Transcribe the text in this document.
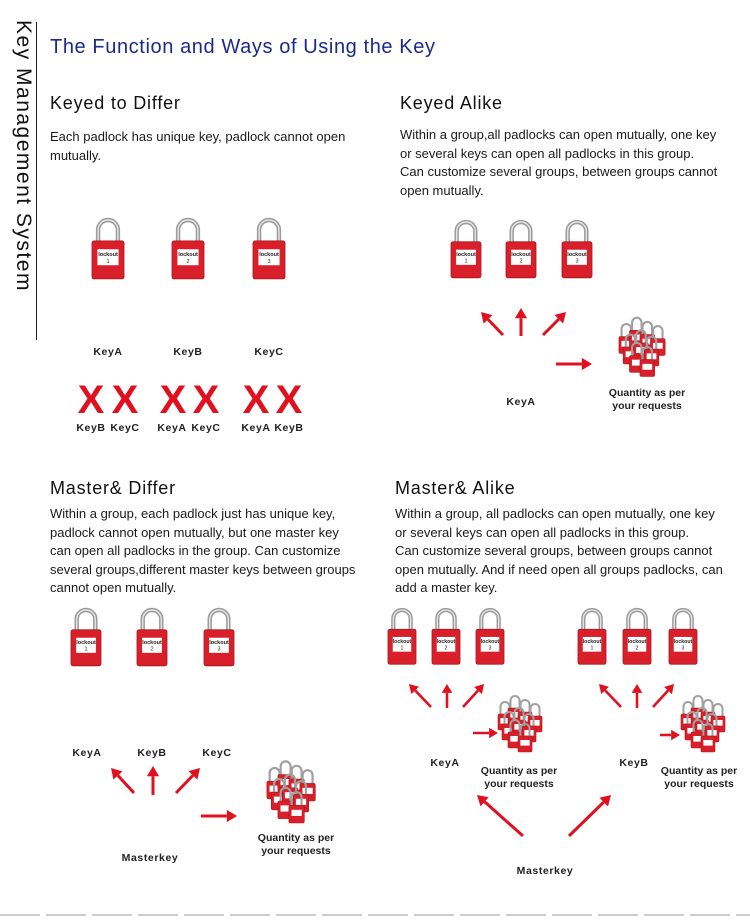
Key Management System The Function and Ways of Using the Key
Keyed to Differ

Each padlock has unique key, padlock cannot open

mutually.

Keyed Alike

Within a group,all padlocks can open mutually, one key

or several keys can open all padlocks in this group.

Can customize several groups, between groups cannot

open mutually.

Master& Differ

Within a group, each padlock just has unique key,

padlock cannot open mutually, but one master key

can open all padlocks in the group. Can customize

several groups,different master keys between groups

cannot open mutually.

Master& Alike

Within a group, all padlocks can open mutually, one key

or several keys can open all padlocks in this group.

Can customize several groups, between groups cannot

open mutually. And if need open all groups padlocks, can

add a master key.

lockout
1
lockout
2
lockout
3
lockout
1
lockout
2
lockout
3
lockout
1
lockout
2
lockout
3
lockout
1
lockout
2
lockout
3
lockout
1
lockout
2
lockout
3
KeyA	KeyB	KeyC
X X X X X X
KeyB KeyC KeyA KeyC KeyA KeyB
KeyA
Quantity as per
your requests
KeyA	KeyB	KeyC
Masterkey
Quantity as per
your requests
KeyA	KeyB
Quantity as per
your requests
Quantity as per
your requests
Masterkey
